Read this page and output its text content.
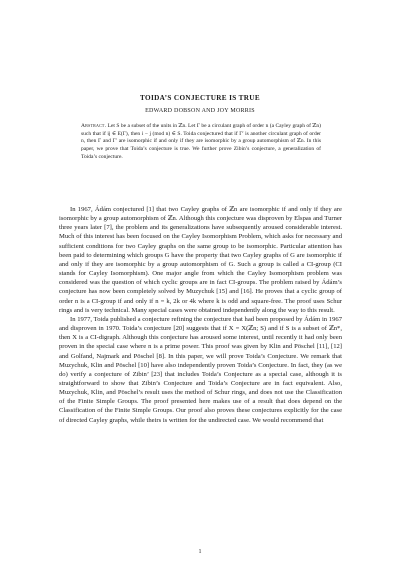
TOIDA’S CONJECTURE IS TRUE
EDWARD DOBSON AND JOY MORRIS
Abstract. Let S be a subset of the units in ℤn. Let Γ be a circulant graph of order n (a Cayley graph of ℤn) such that if ij ∈ E(Γ), then i − j (mod n) ∈ S. Toida conjectured that if Γ′ is another circulant graph of order n, then Γ and Γ′ are isomorphic if and only if they are isomorphic by a group automorphism of ℤn. In this paper, we prove that Toida’s conjecture is true. We further prove Zibin’s conjecture, a generalization of Toida’s conjecture.

In 1967, Ádám conjectured [1] that two Cayley graphs of ℤn are isomorphic if and only if they are isomorphic by a group automorphism of ℤn. Although this conjecture was disproven by Elspas and Turner three years later [7], the problem and its generalizations have subsequently aroused considerable interest. Much of this interest has been focused on the Cayley Isomorphism Problem, which asks for necessary and sufficient conditions for two Cayley graphs on the same group to be isomorphic. Particular attention has been paid to determining which groups G have the property that two Cayley graphs of G are isomorphic if and only if they are isomorphic by a group automorphism of G. Such a group is called a CI-group (CI stands for Cayley Isomorphism). One major angle from which the Cayley Isomorphism problem was considered was the question of which cyclic groups are in fact CI-groups. The problem raised by Ádám’s conjecture has now been completely solved by Muzychuk [15] and [16]. He proves that a cyclic group of order n is a CI-group if and only if n = k, 2k or 4k where k is odd and square-free. The proof uses Schur rings and is very technical. Many special cases were obtained independently along the way to this result.

In 1977, Toida published a conjecture refining the conjecture that had been proposed by Ádám in 1967 and disproven in 1970. Toida’s conjecture [20] suggests that if X = X(ℤn; S) and if S is a subset of ℤn*, then X is a CI-digraph. Although this conjecture has aroused some interest, until recently it had only been proven in the special case where n is a prime power. This proof was given by Klin and Pöschel [11], [12] and Golfand, Najmark and Pöschel [8]. In this paper, we will prove Toida’s Conjecture. We remark that Muzychuk, Klin and Pöschel [10] have also independently proven Toida’s Conjecture. In fact, they (as we do) verify a conjecture of Zibin’ [23] that includes Toida’s Conjecture as a special case, although it is straightforward to show that Zibin’s Conjecture and Toida’s Conjecture are in fact equivalent. Also, Muzychuk, Klin, and Pöschel’s result uses the method of Schur rings, and does not use the Classification of the Finite Simple Groups. The proof presented here makes use of a result that does depend on the Classification of the Finite Simple Groups. Our proof also proves these conjectures explicitly for the case of directed Cayley graphs, while theirs is written for the undirected case. We would recommend that

1
